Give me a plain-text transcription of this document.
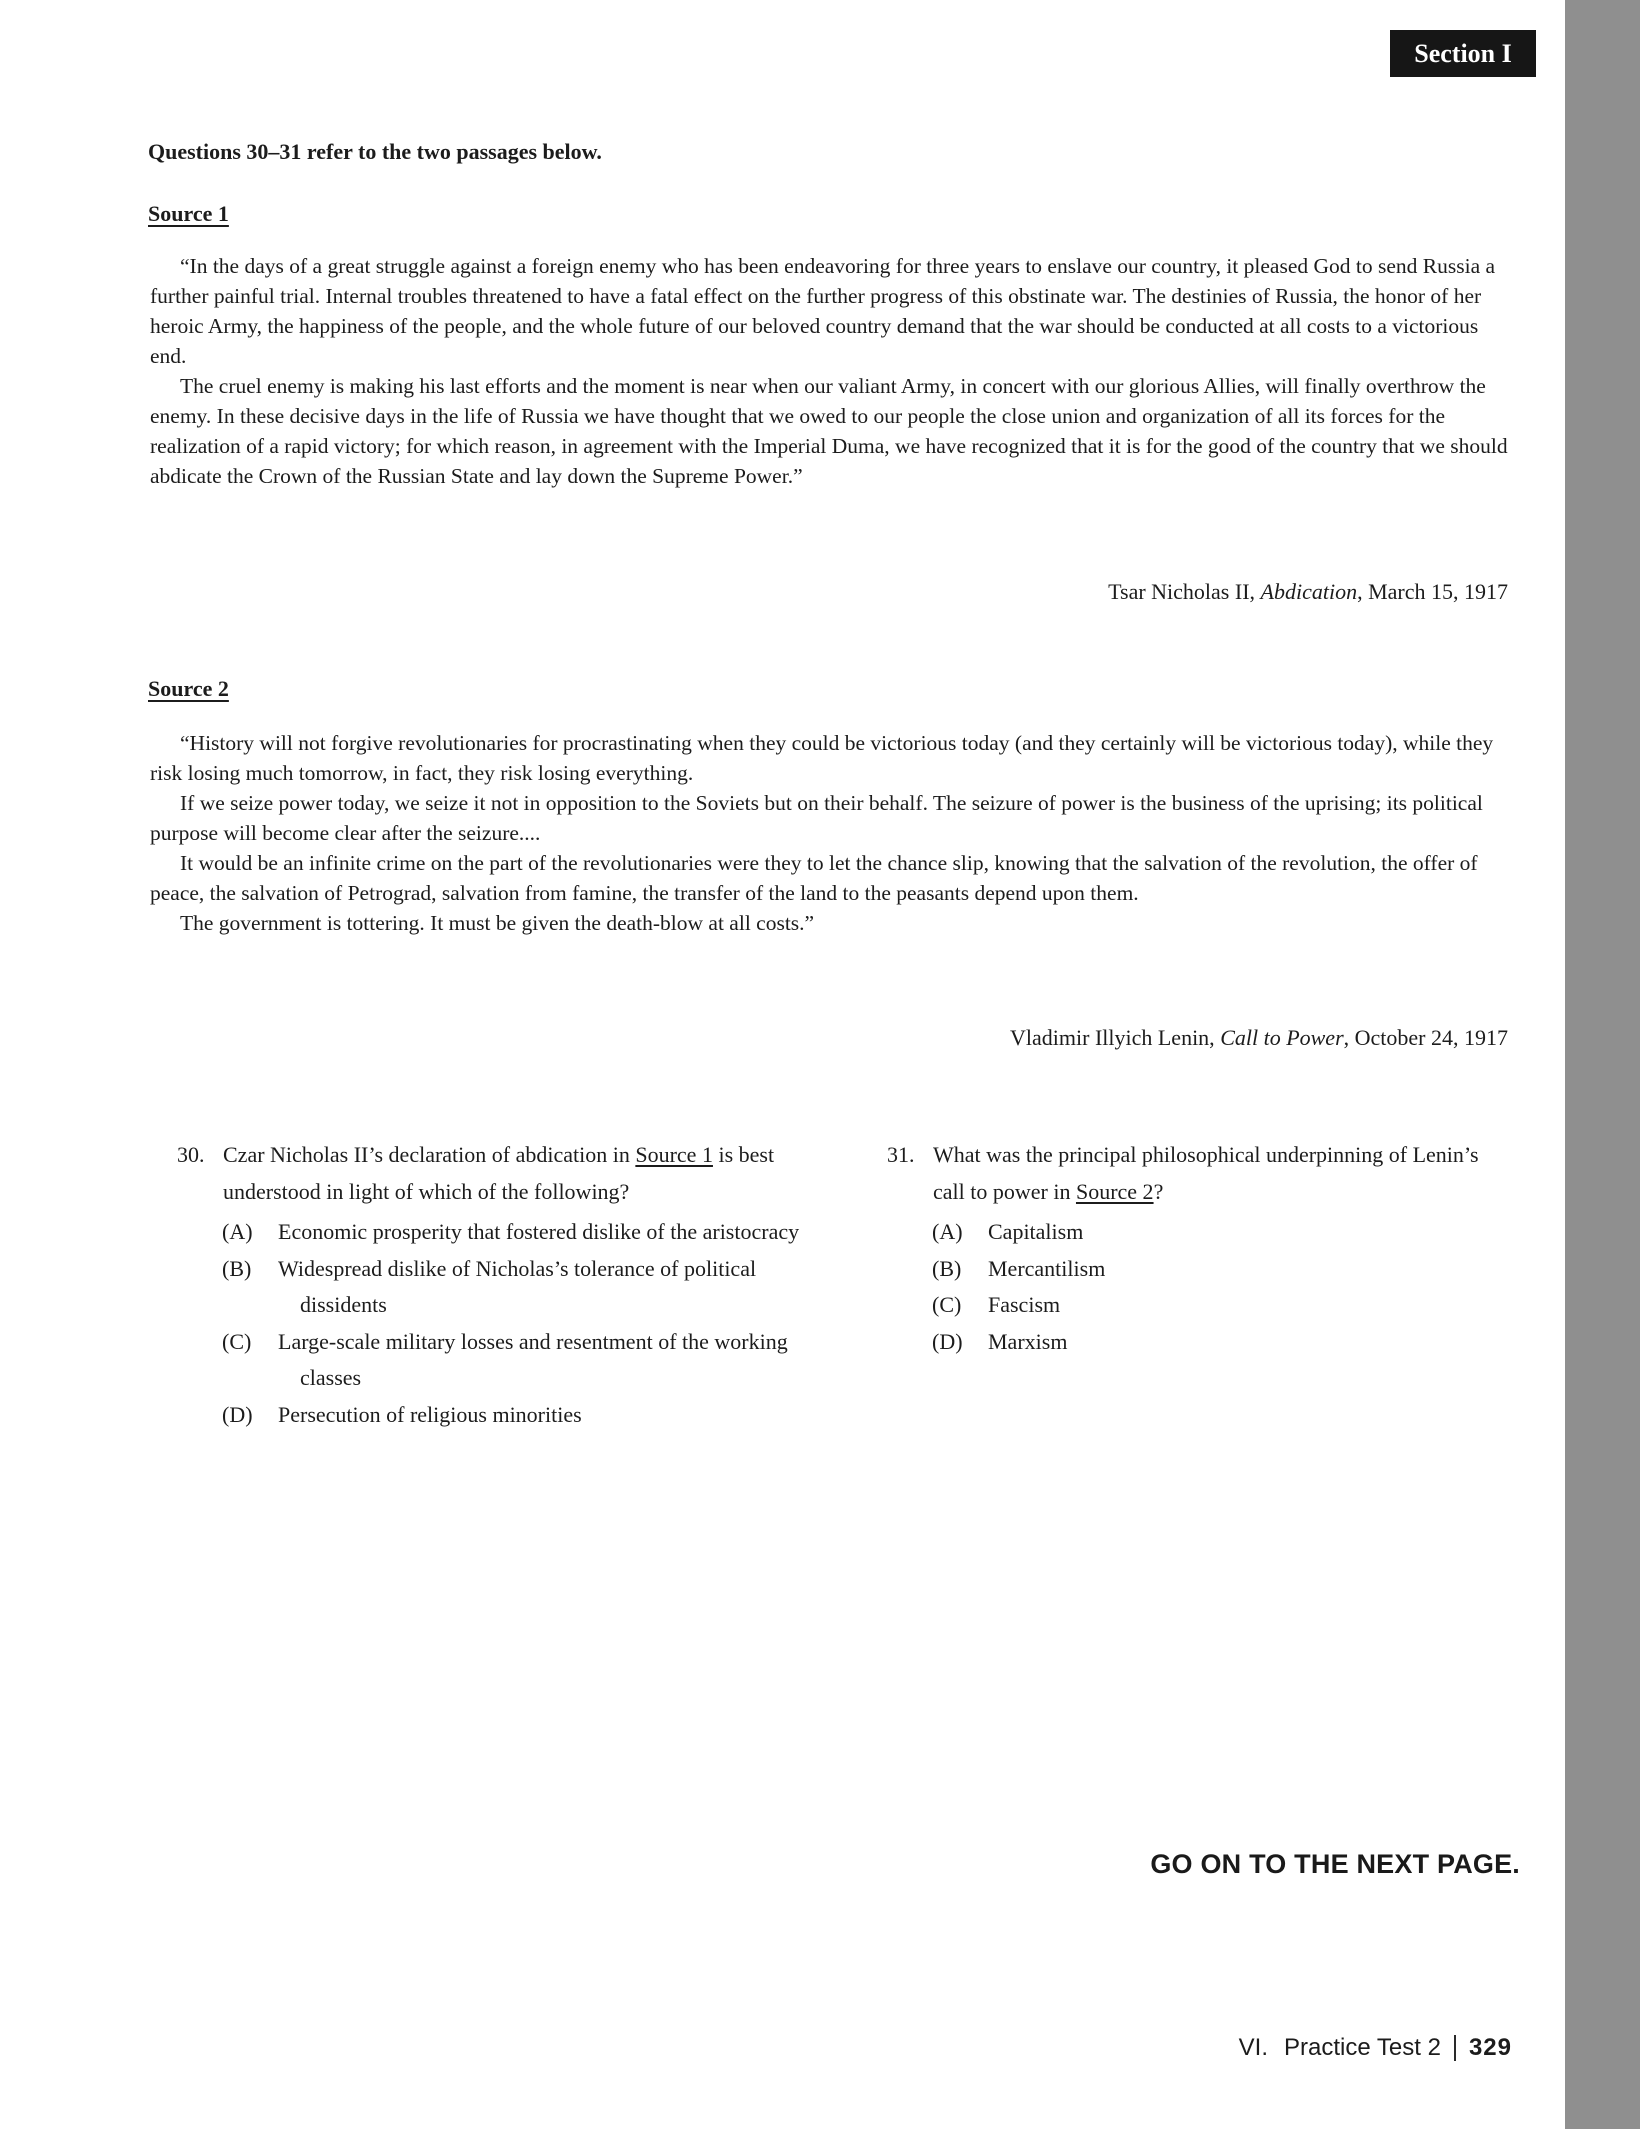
Section I
Questions 30–31 refer to the two passages below.
Source 1

“In the days of a great struggle against a foreign enemy who has been endeavoring for three years to enslave our country, it pleased God to send Russia a further painful trial. Internal troubles threatened to have a fatal effect on the further progress of this obstinate war. The destinies of Russia, the honor of her heroic Army, the happiness of the people, and the whole future of our beloved country demand that the war should be conducted at all costs to a victorious end.

The cruel enemy is making his last efforts and the moment is near when our valiant Army, in concert with our glorious Allies, will finally overthrow the enemy. In these decisive days in the life of Russia we have thought that we owed to our people the close union and organization of all its forces for the realization of a rapid victory; for which reason, in agreement with the Imperial Duma, we have recognized that it is for the good of the country that we should abdicate the Crown of the Russian State and lay down the Supreme Power.”

Tsar Nicholas II, Abdication, March 15, 1917
Source 2

“History will not forgive revolutionaries for procrastinating when they could be victorious today (and they certainly will be victorious today), while they risk losing much tomorrow, in fact, they risk losing everything.

If we seize power today, we seize it not in opposition to the Soviets but on their behalf. The seizure of power is the business of the uprising; its political purpose will become clear after the seizure....

It would be an infinite crime on the part of the revolutionaries were they to let the chance slip, knowing that the salvation of the revolution, the offer of peace, the salvation of Petrograd, salvation from famine, the transfer of the land to the peasants depend upon them.

The government is tottering. It must be given the death-blow at all costs.”

Vladimir Illyich Lenin, Call to Power, October 24, 1917

30. Czar Nicholas II’s declaration of abdication in Source 1 is best understood in light of which of the following?

(A) Economic prosperity that fostered dislike of the aristocracy
(B) Widespread dislike of Nicholas’s tolerance of political dissidents
(C) Large-scale military losses and resentment of the working classes
(D) Persecution of religious minorities

31. What was the principal philosophical underpinning of Lenin’s call to power in Source 2?

(A) Capitalism
(B) Mercantilism
(C) Fascism
(D) Marxism
GO ON TO THE NEXT PAGE.
VI. Practice Test 2 329
